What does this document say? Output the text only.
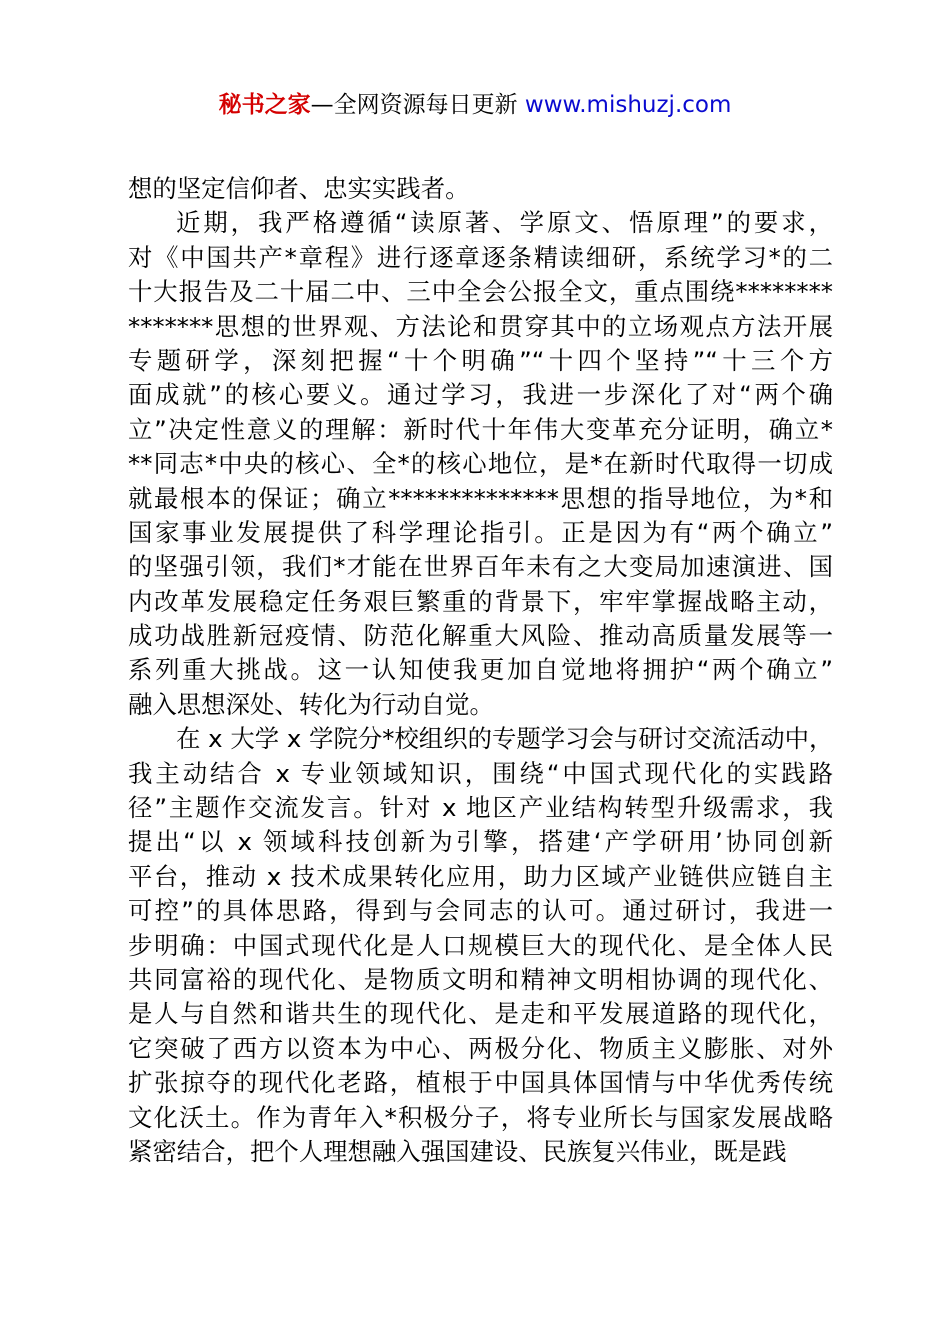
秘书之家—全网资源每日更新 www.mishuzj.com
想的坚定信仰者、忠实实践者。
近期，我严格遵循“读原著、学原文、悟原理”的要求，
对《中国共产*章程》进行逐章逐条精读细研，系统学习*的二
十大报告及二十届二中、三中全会公报全文，重点围绕********
*******思想的世界观、方法论和贯穿其中的立场观点方法开展
专题研学，深刻把握“十个明确”“十四个坚持”“十三个方
面成就”的核心要义。通过学习，我进一步深化了对“两个确
立”决定性意义的理解：新时代十年伟大变革充分证明，确立*
**同志*中央的核心、全*的核心地位，是*在新时代取得一切成
就最根本的保证；确立**************思想的指导地位，为*和
国家事业发展提供了科学理论指引。正是因为有“两个确立”
的坚强引领，我们*才能在世界百年未有之大变局加速演进、国
内改革发展稳定任务艰巨繁重的背景下，牢牢掌握战略主动，
成功战胜新冠疫情、防范化解重大风险、推动高质量发展等一
系列重大挑战。这一认知使我更加自觉地将拥护“两个确立”
融入思想深处、转化为行动自觉。
在 x 大学 x 学院分*校组织的专题学习会与研讨交流活动中，
我主动结合 x 专业领域知识，围绕“中国式现代化的实践路
径”主题作交流发言。针对 x 地区产业结构转型升级需求，我
提出“以 x 领域科技创新为引擎，搭建‘产学研用’协同创新
平台，推动 x 技术成果转化应用，助力区域产业链供应链自主
可控”的具体思路，得到与会同志的认可。通过研讨，我进一
步明确：中国式现代化是人口规模巨大的现代化、是全体人民
共同富裕的现代化、是物质文明和精神文明相协调的现代化、
是人与自然和谐共生的现代化、是走和平发展道路的现代化，
它突破了西方以资本为中心、两极分化、物质主义膨胀、对外
扩张掠夺的现代化老路，植根于中国具体国情与中华优秀传统
文化沃土。作为青年入*积极分子，将专业所长与国家发展战略
紧密结合，把个人理想融入强国建设、民族复兴伟业，既是践
